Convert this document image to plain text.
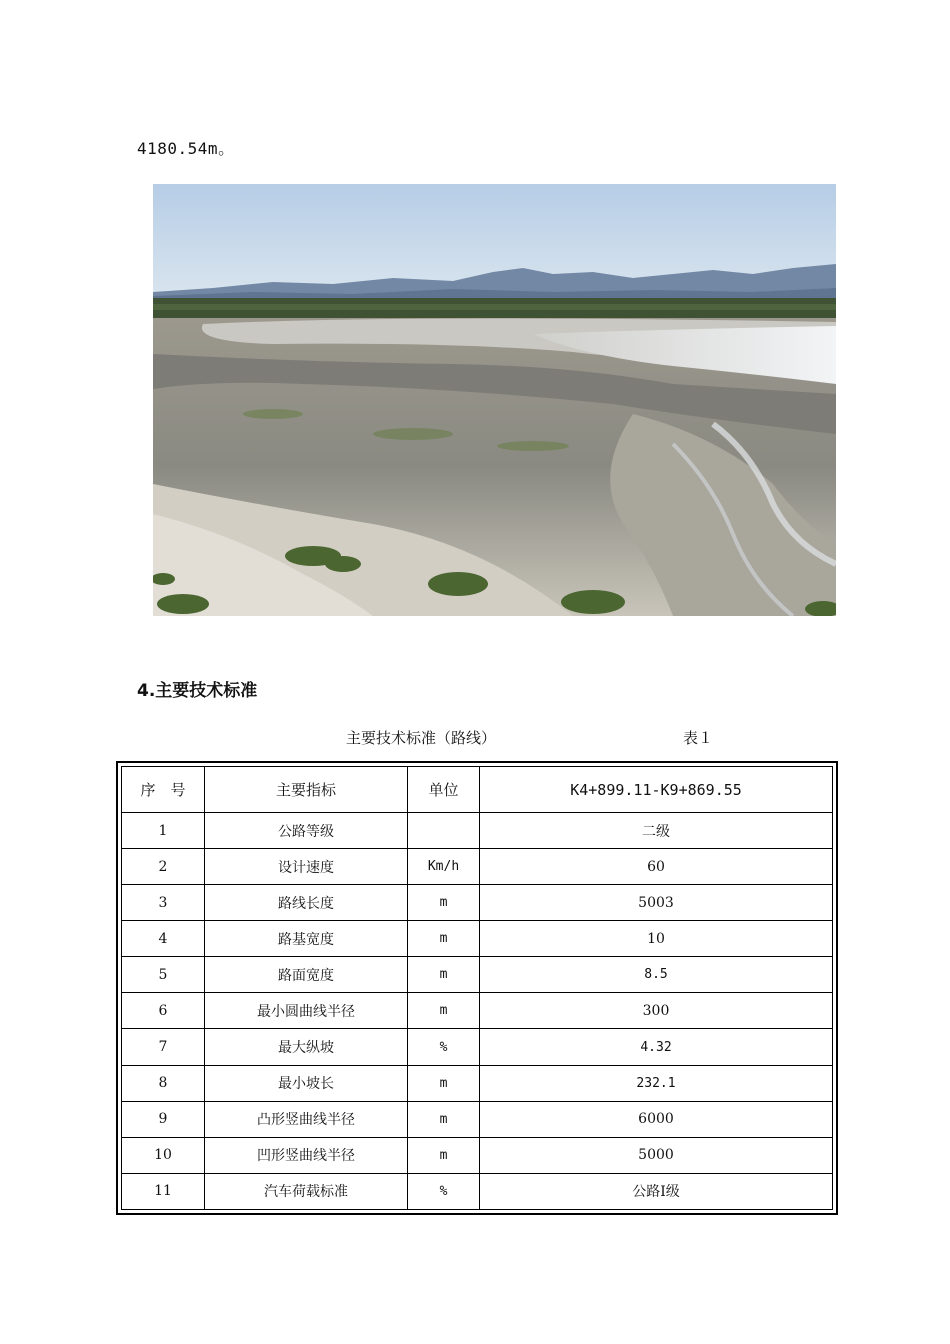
4180.54m。
4.主要技术标准
主要技术标准（路线）	表１
序　号	主要指标	单位	K4+899.11-K9+869.55
1	公路等级		二级
2	设计速度	Km/h	60
3	路线长度	m	5003
4	路基宽度	m	10
5	路面宽度	m	8.5
6	最小圆曲线半径	m	300
7	最大纵坡	%	4.32
8	最小坡长	m	232.1
9	凸形竖曲线半径	m	6000
10	凹形竖曲线半径	m	5000
11	汽车荷载标准	%	公路Ⅰ级
